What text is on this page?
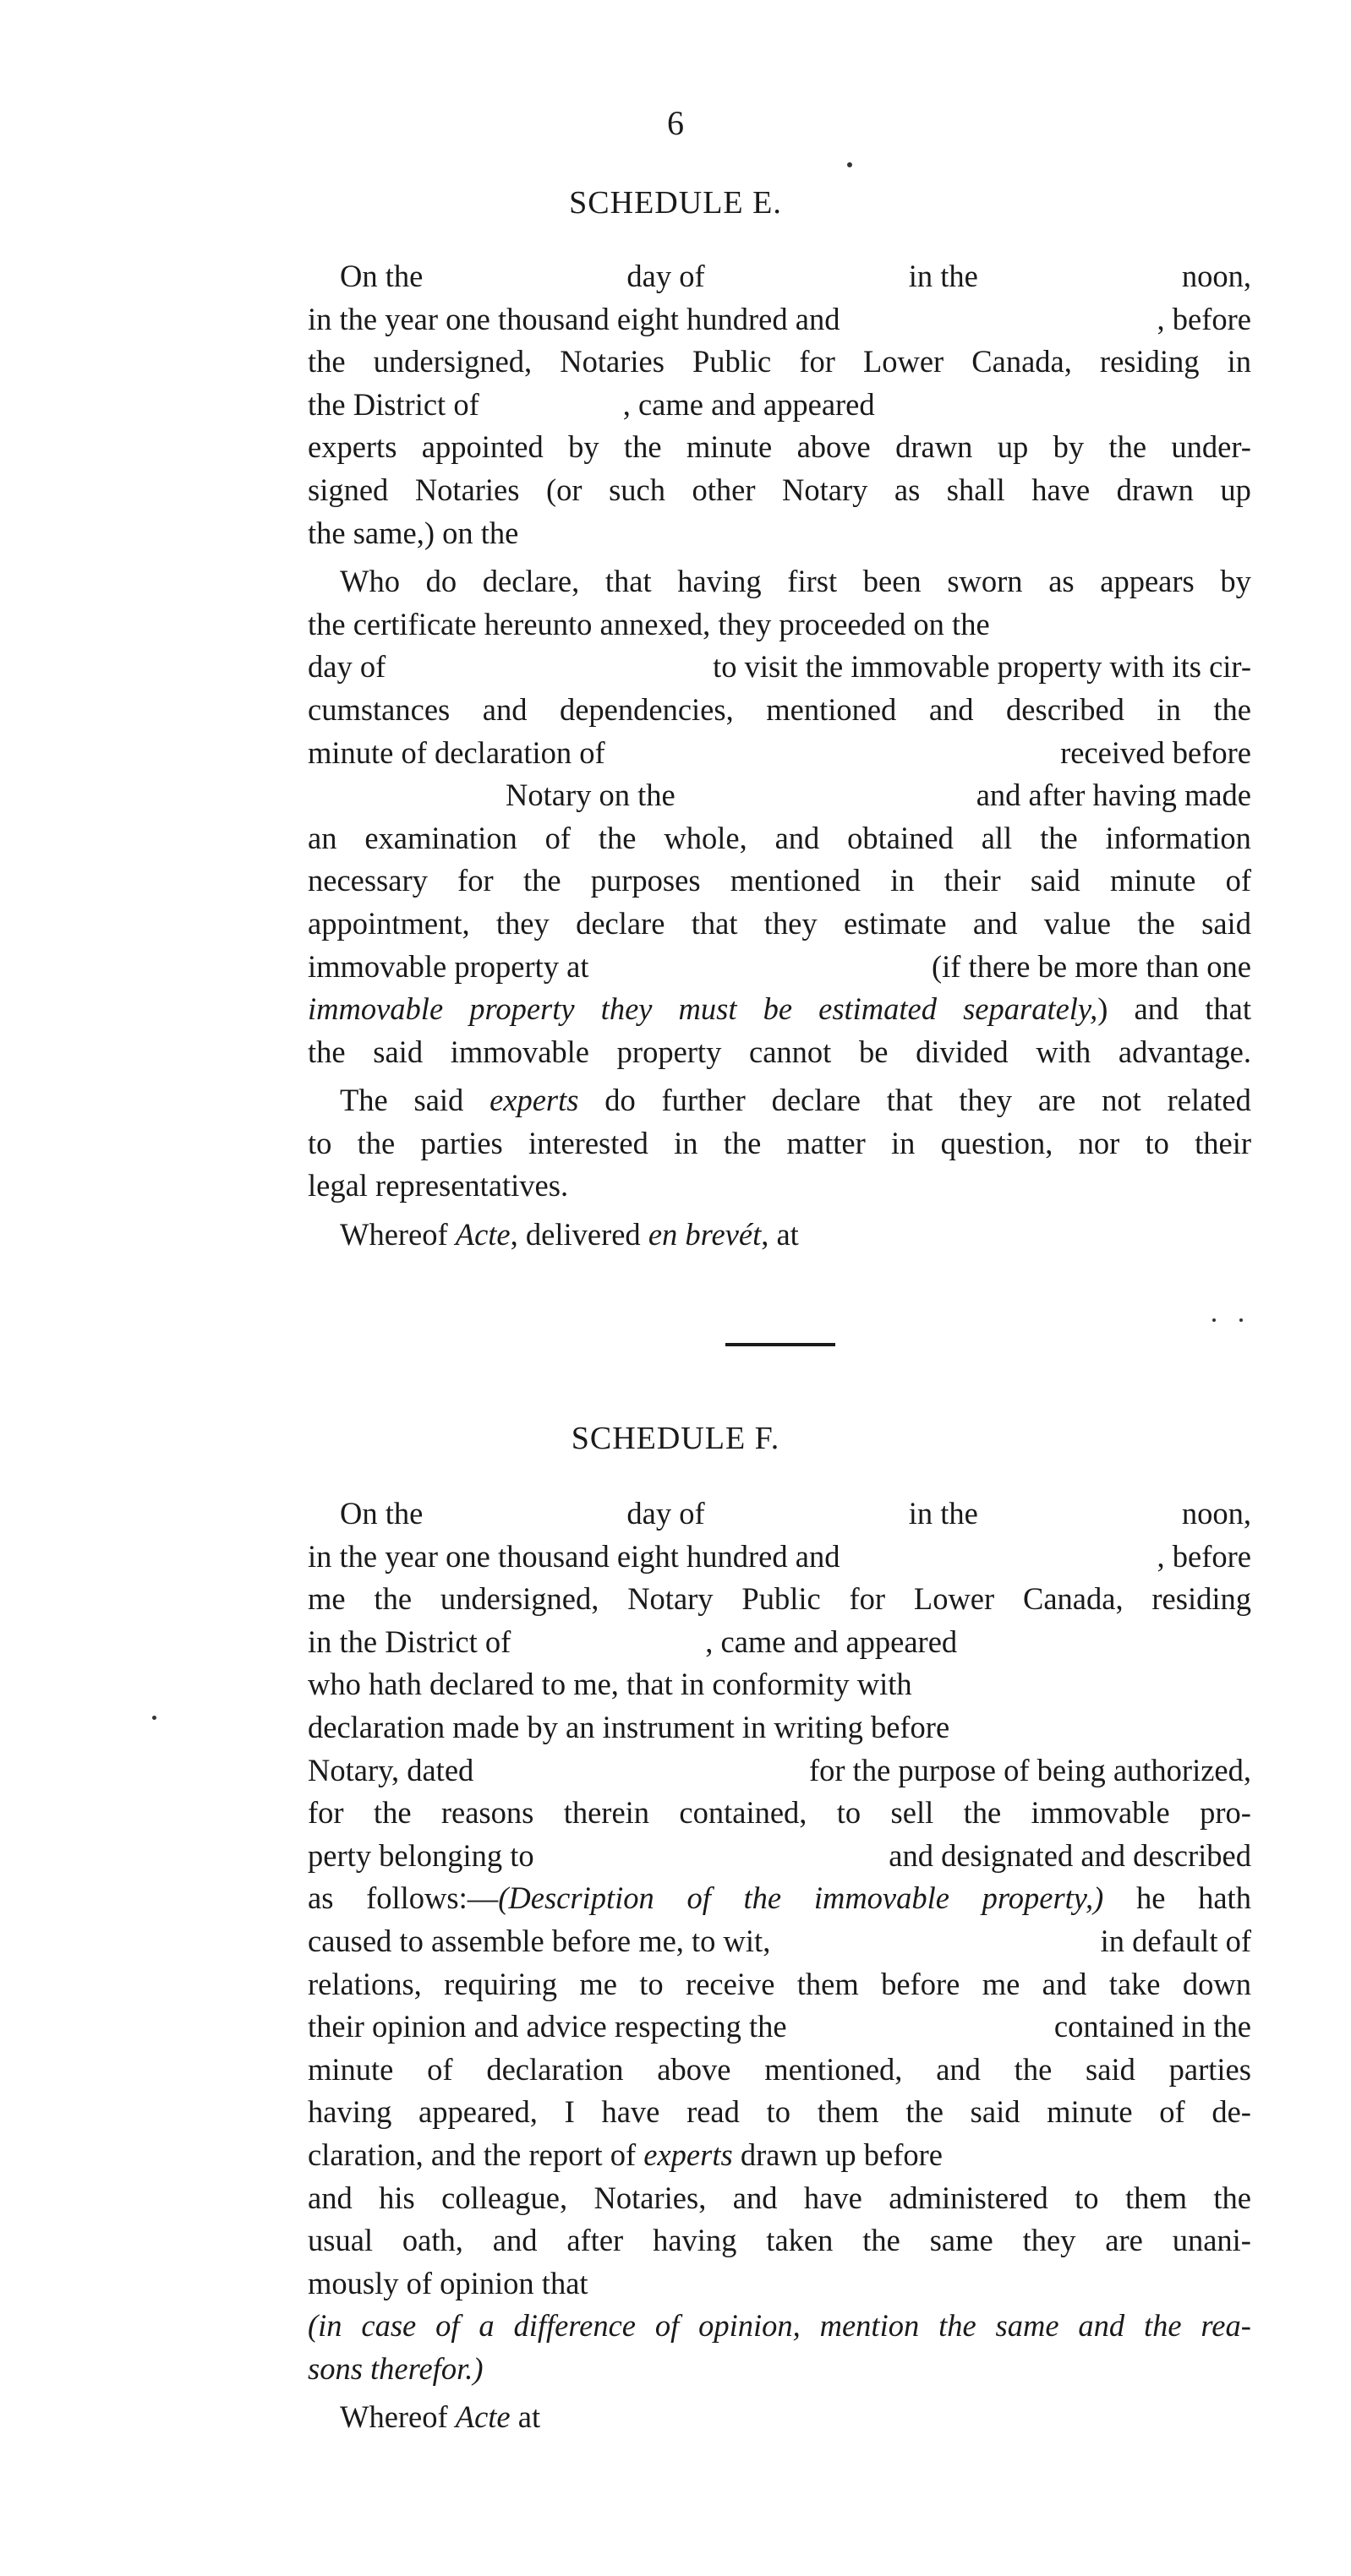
6
SCHEDULE E.
On the	day of	in the	noon,
in the year one thousand eight hundred and	, before
the undersigned, Notaries Public for Lower Canada, residing in
the District of	, came and appeared
experts appointed by the minute above drawn up by the under-
signed Notaries (or such other Notary as shall have drawn up
the same,) on the
Who do declare, that having first been sworn as appears by
the certificate hereunto annexed, they proceeded on the
day of	to visit the immovable property with its cir-
cumstances and dependencies, mentioned and described in the
minute of declaration of	received before
Notary on the	and after having made
an examination of the whole, and obtained all the information
necessary for the purposes mentioned in their said minute of
appointment, they declare that they estimate and value the said
immovable property at	(if there be more than one
immovable property they must be estimated separately,) and that
the said immovable property cannot be divided with advantage.
The said experts do further declare that they are not related
to the parties interested in the matter in question, nor to their
legal representatives.
Whereof Acte, delivered en brevét, at
SCHEDULE F.
On the	day of	in the	noon,
in the year one thousand eight hundred and	, before
me the undersigned, Notary Public for Lower Canada, residing
in the District of	, came and appeared
who hath declared to me, that in conformity with
declaration made by an instrument in writing before
Notary, dated	for the purpose of being authorized,
for the reasons therein contained, to sell the immovable pro-
perty belonging to	and designated and described
as follows:—(Description of the immovable property,) he hath
caused to assemble before me, to wit,	in default of
relations, requiring me to receive them before me and take down
their opinion and advice respecting the	contained in the
minute of declaration above mentioned, and the said parties
having appeared, I have read to them the said minute of de-
claration, and the report of experts drawn up before
and his colleague, Notaries, and have administered to them the
usual oath, and after having taken the same they are unani-
mously of opinion that
(in case of a difference of opinion, mention the same and the rea-
sons therefor.)
Whereof Acte at
